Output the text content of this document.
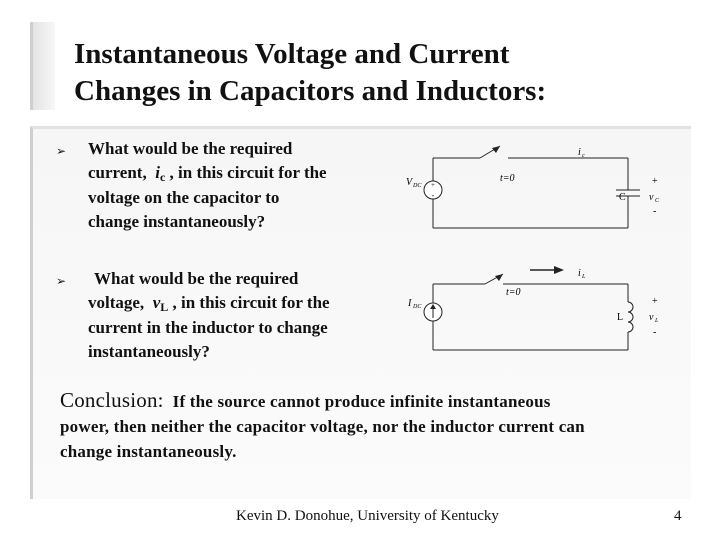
Instantaneous Voltage and Current
Changes in Capacitors and Inductors:
➢ What would be the required
current, ic , in this circuit for the
voltage on the capacitor to
change instantaneously?
➢	What would be the required
voltage, vL , in this circuit for the
current in the inductor to change
instantaneously?
+
-
V DC
t=0
i c
C
+
v C
-
I DC
t=0
i L
L
+
v L
-
Conclusion: If the source cannot produce infinite instantaneous
power, then neither the capacitor voltage, nor the inductor current can
change instantaneously.
Kevin D. Donohue, University of Kentucky	4
